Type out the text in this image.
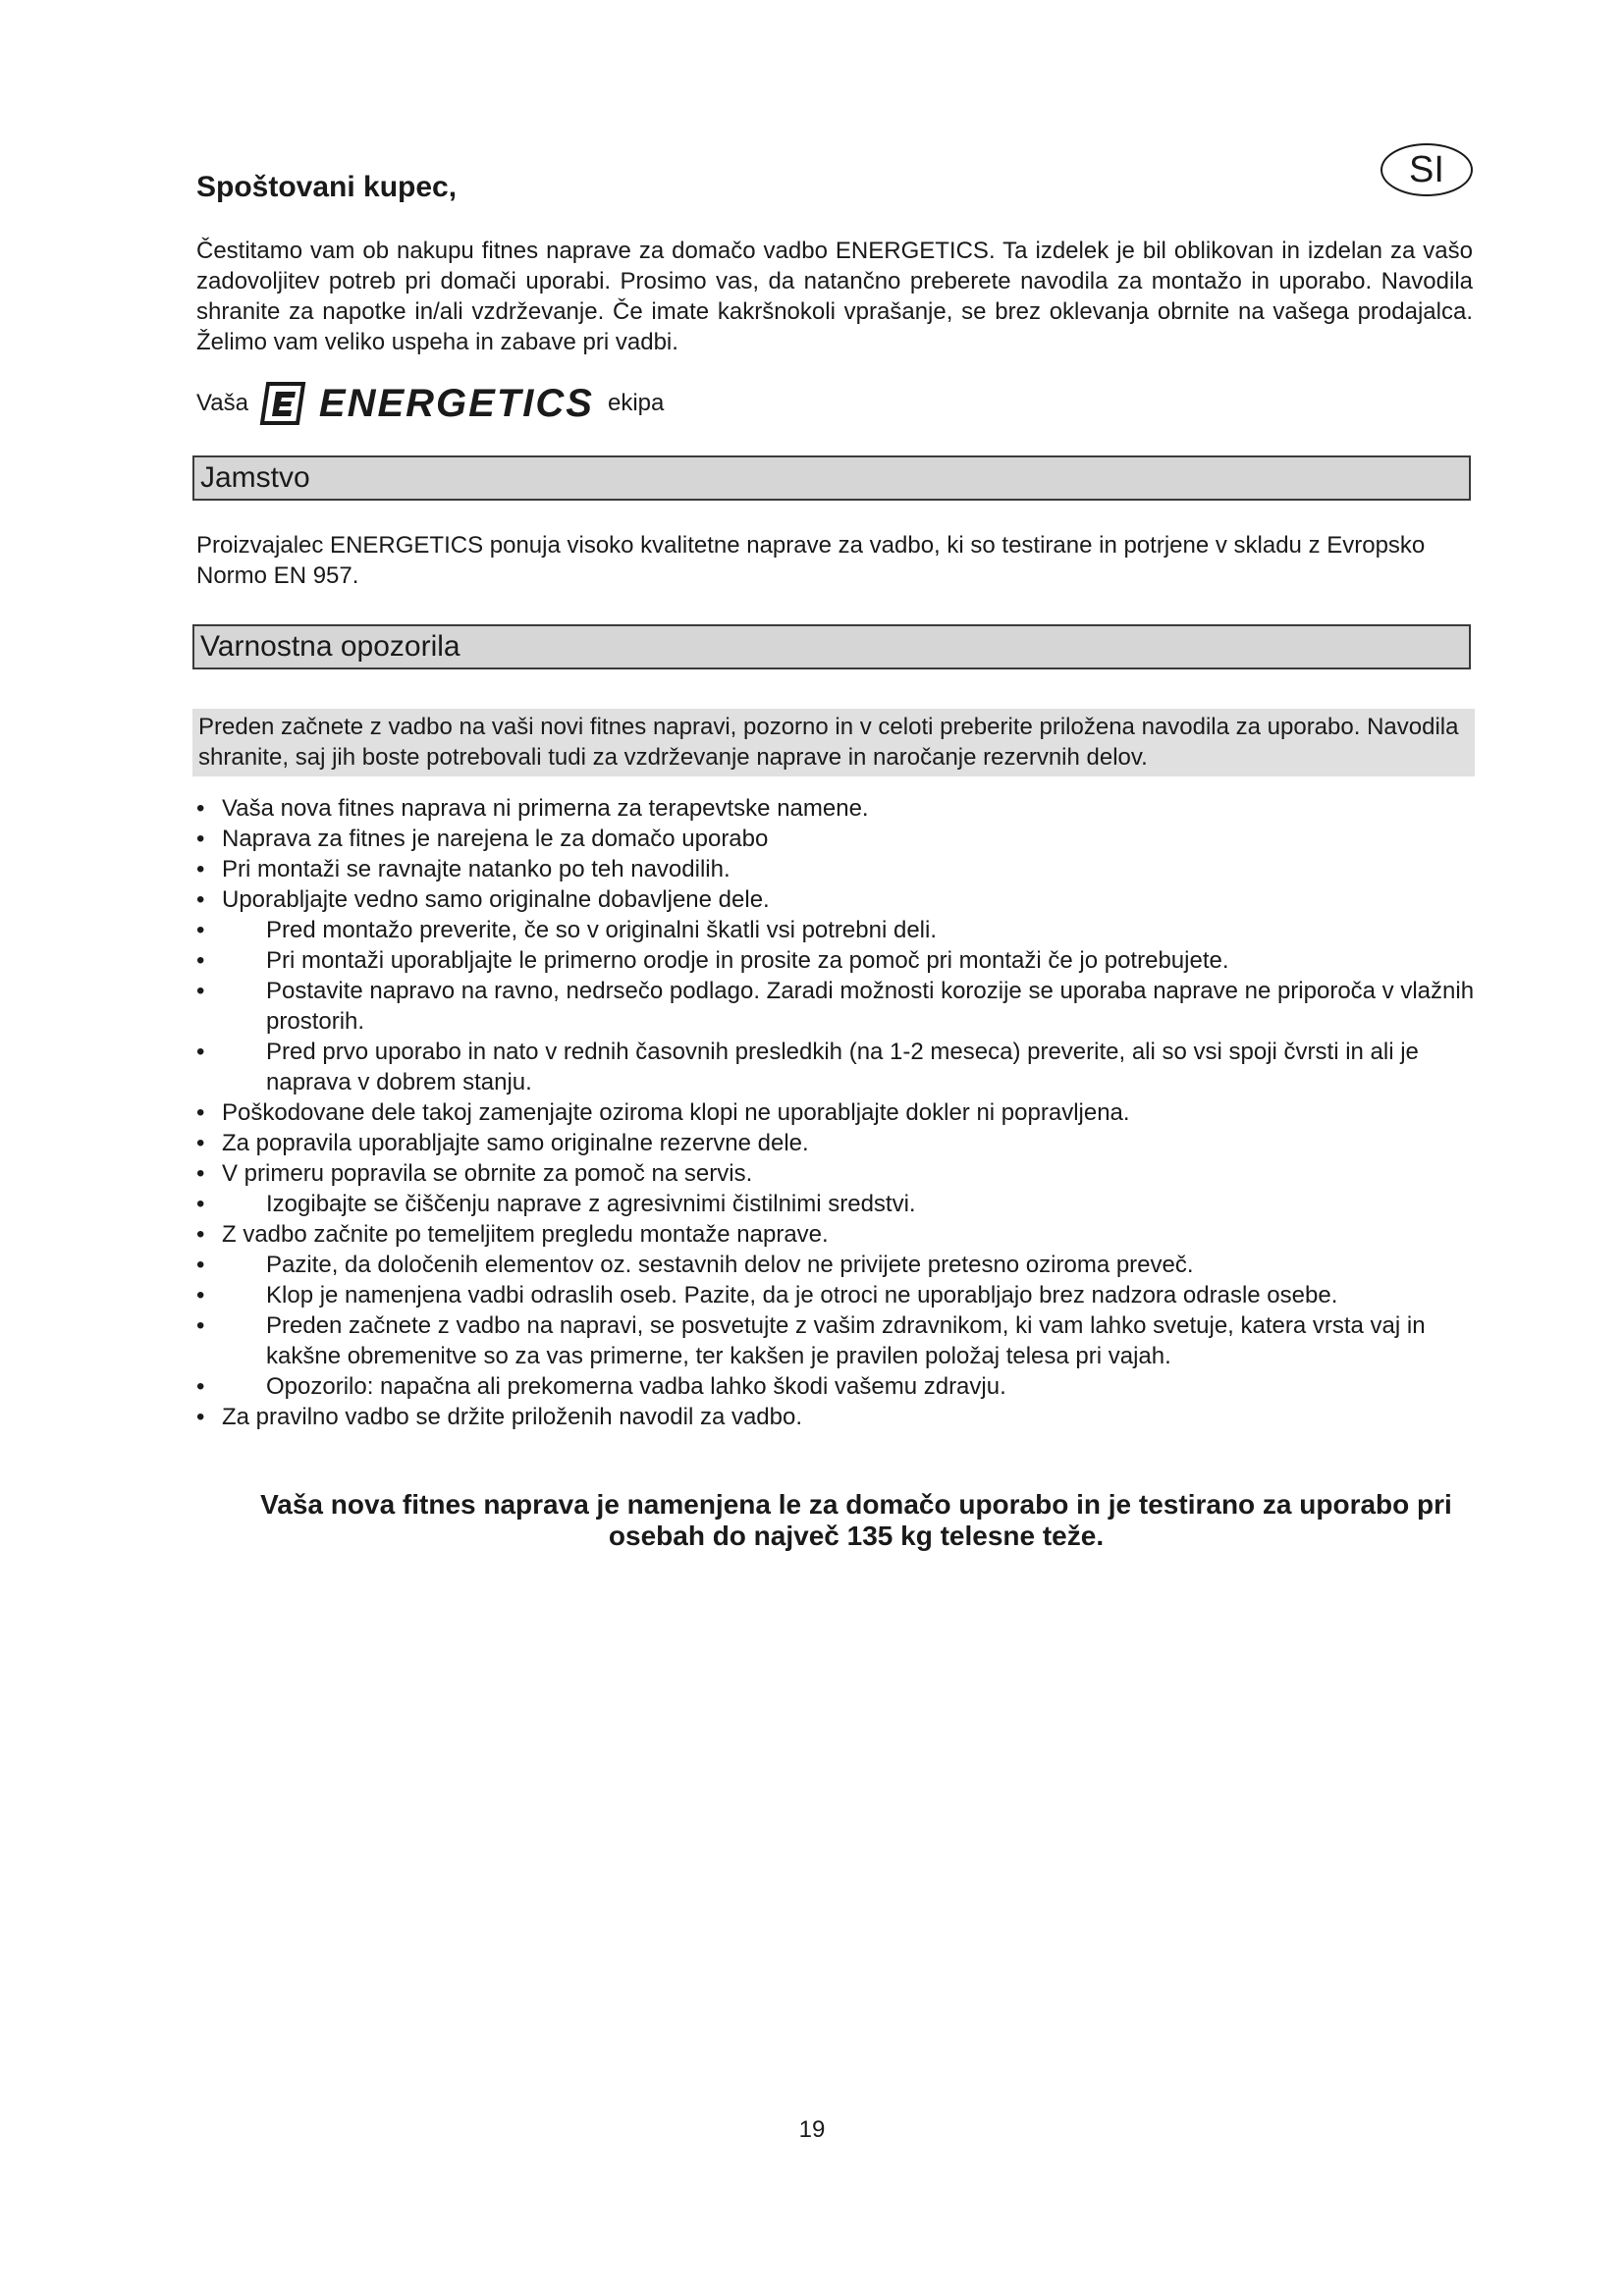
Spoštovani kupec,	SI

Čestitamo vam ob nakupu fitnes naprave za domačo vadbo ENERGETICS. Ta izdelek je bil oblikovan in izdelan za vašo zadovoljitev potreb pri domači uporabi. Prosimo vas, da natančno preberete navodila za montažo in uporabo. Navodila shranite za napotke in/ali vzdrževanje. Če imate kakršnokoli vprašanje, se brez oklevanja obrnite na vašega prodajalca. Želimo vam veliko uspeha in zabave pri vadbi.

Vaša ENERGETICS ekipa
Jamstvo

Proizvajalec ENERGETICS ponuja visoko kvalitetne naprave za vadbo, ki so testirane in potrjene v skladu z Evropsko Normo EN 957.

Varnostna opozorila

Preden začnete z vadbo na vaši novi fitnes napravi, pozorno in v celoti preberite priložena navodila za uporabo. Navodila shranite, saj jih boste potrebovali tudi za vzdrževanje naprave in naročanje rezervnih delov.

• Vaša nova fitnes naprava ni primerna za terapevtske namene.
• Naprava za fitnes je narejena le za domačo uporabo
• Pri montaži se ravnajte natanko po teh navodilih.
• Uporabljajte vedno samo originalne dobavljene dele.
• Pred montažo preverite, če so v originalni škatli vsi potrebni deli.
• Pri montaži uporabljajte le primerno orodje in prosite za pomoč pri montaži če jo potrebujete.
• Postavite napravo na ravno, nedrsečo podlago. Zaradi možnosti korozije se uporaba naprave ne priporoča v vlažnih prostorih.
• Pred prvo uporabo in nato v rednih časovnih presledkih (na 1-2 meseca) preverite, ali so vsi spoji čvrsti in ali je naprava v dobrem stanju.
• Poškodovane dele takoj zamenjajte oziroma klopi ne uporabljajte dokler ni popravljena.
• Za popravila uporabljajte samo originalne rezervne dele.
• V primeru popravila se obrnite za pomoč na servis.
• Izogibajte se čiščenju naprave z agresivnimi čistilnimi sredstvi.
• Z vadbo začnite po temeljitem pregledu montaže naprave.
• Pazite, da določenih elementov oz. sestavnih delov ne privijete pretesno oziroma preveč.
• Klop je namenjena vadbi odraslih oseb. Pazite, da je otroci ne uporabljajo brez nadzora odrasle osebe.
• Preden začnete z vadbo na napravi, se posvetujte z vašim zdravnikom, ki vam lahko svetuje, katera vrsta vaj in kakšne obremenitve so za vas primerne, ter kakšen je pravilen položaj telesa pri vajah.
• Opozorilo: napačna ali prekomerna vadba lahko škodi vašemu zdravju.
• Za pravilno vadbo se držite priloženih navodil za vadbo.

Vaša nova fitnes naprava je namenjena le za domačo uporabo in je testirano za uporabo pri osebah do največ 135 kg telesne teže.

19
